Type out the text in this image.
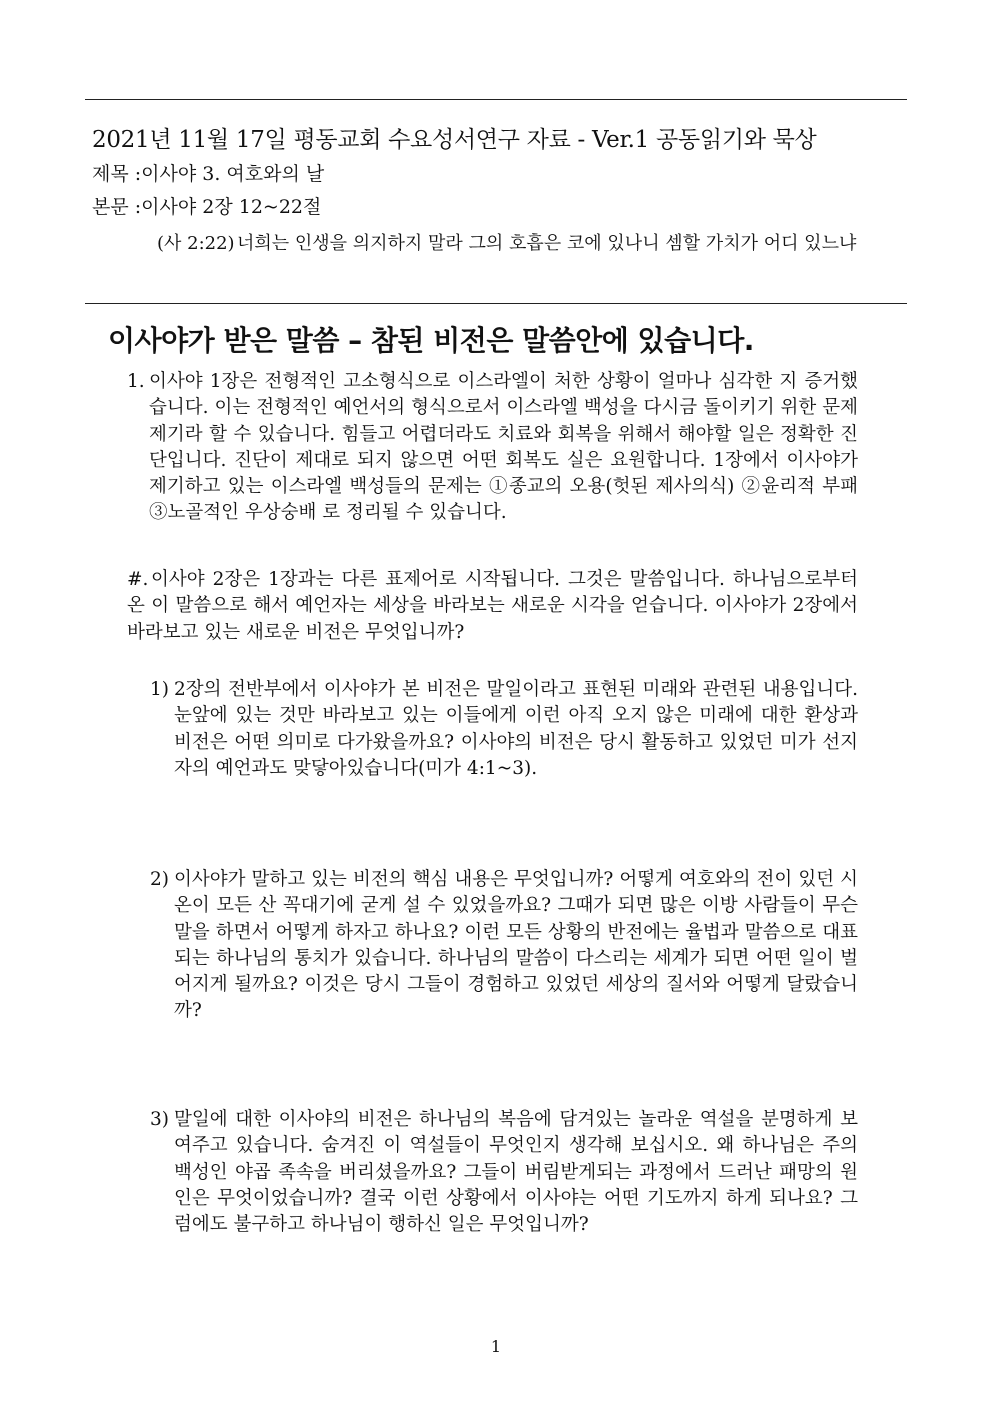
2021년 11월 17일 평동교회 수요성서연구 자료 - Ver.1 공동읽기와 묵상
제목 :이사야 3. 여호와의 날
본문 :이사야 2장 12~22절
(사 2:22) 너희는 인생을 의지하지 말라 그의 호흡은 코에 있나니 셈할 가치가 어디 있느냐
이사야가 받은 말씀 – 참된 비전은 말씀안에 있습니다.
1. 이사야 1장은 전형적인 고소형식으로 이스라엘이 처한 상황이 얼마나 심각한 지 증거했습니다. 이는 전형적인 예언서의 형식으로서 이스라엘 백성을 다시금 돌이키기 위한 문제제기라 할 수 있습니다. 힘들고 어렵더라도 치료와 회복을 위해서 해야할 일은 정확한 진단입니다. 진단이 제대로 되지 않으면 어떤 회복도 실은 요원합니다. 1장에서 이사야가 제기하고 있는 이스라엘 백성들의 문제는 ①종교의 오용(헛된 제사의식) ②윤리적 부패 ③노골적인 우상숭배 로 정리될 수 있습니다.
#. 이사야 2장은 1장과는 다른 표제어로 시작됩니다. 그것은 말씀입니다. 하나님으로부터 온 이 말씀으로 해서 예언자는 세상을 바라보는 새로운 시각을 얻습니다. 이사야가 2장에서 바라보고 있는 새로운 비전은 무엇입니까?
1) 2장의 전반부에서 이사야가 본 비전은 말일이라고 표현된 미래와 관련된 내용입니다. 눈앞에 있는 것만 바라보고 있는 이들에게 이런 아직 오지 않은 미래에 대한 환상과 비전은 어떤 의미로 다가왔을까요? 이사야의 비전은 당시 활동하고 있었던 미가 선지자의 예언과도 맞닿아있습니다(미가 4:1~3).
2) 이사야가 말하고 있는 비전의 핵심 내용은 무엇입니까? 어떻게 여호와의 전이 있던 시온이 모든 산 꼭대기에 굳게 설 수 있었을까요? 그때가 되면 많은 이방 사람들이 무슨 말을 하면서 어떻게 하자고 하나요? 이런 모든 상황의 반전에는 율법과 말씀으로 대표되는 하나님의 통치가 있습니다. 하나님의 말씀이 다스리는 세계가 되면 어떤 일이 벌어지게 될까요? 이것은 당시 그들이 경험하고 있었던 세상의 질서와 어떻게 달랐습니까?
3) 말일에 대한 이사야의 비전은 하나님의 복음에 담겨있는 놀라운 역설을 분명하게 보여주고 있습니다. 숨겨진 이 역설들이 무엇인지 생각해 보십시오. 왜 하나님은 주의 백성인 야곱 족속을 버리셨을까요? 그들이 버림받게되는 과정에서 드러난 패망의 원인은 무엇이었습니까? 결국 이런 상황에서 이사야는 어떤 기도까지 하게 되나요? 그럼에도 불구하고 하나님이 행하신 일은 무엇입니까?
1
